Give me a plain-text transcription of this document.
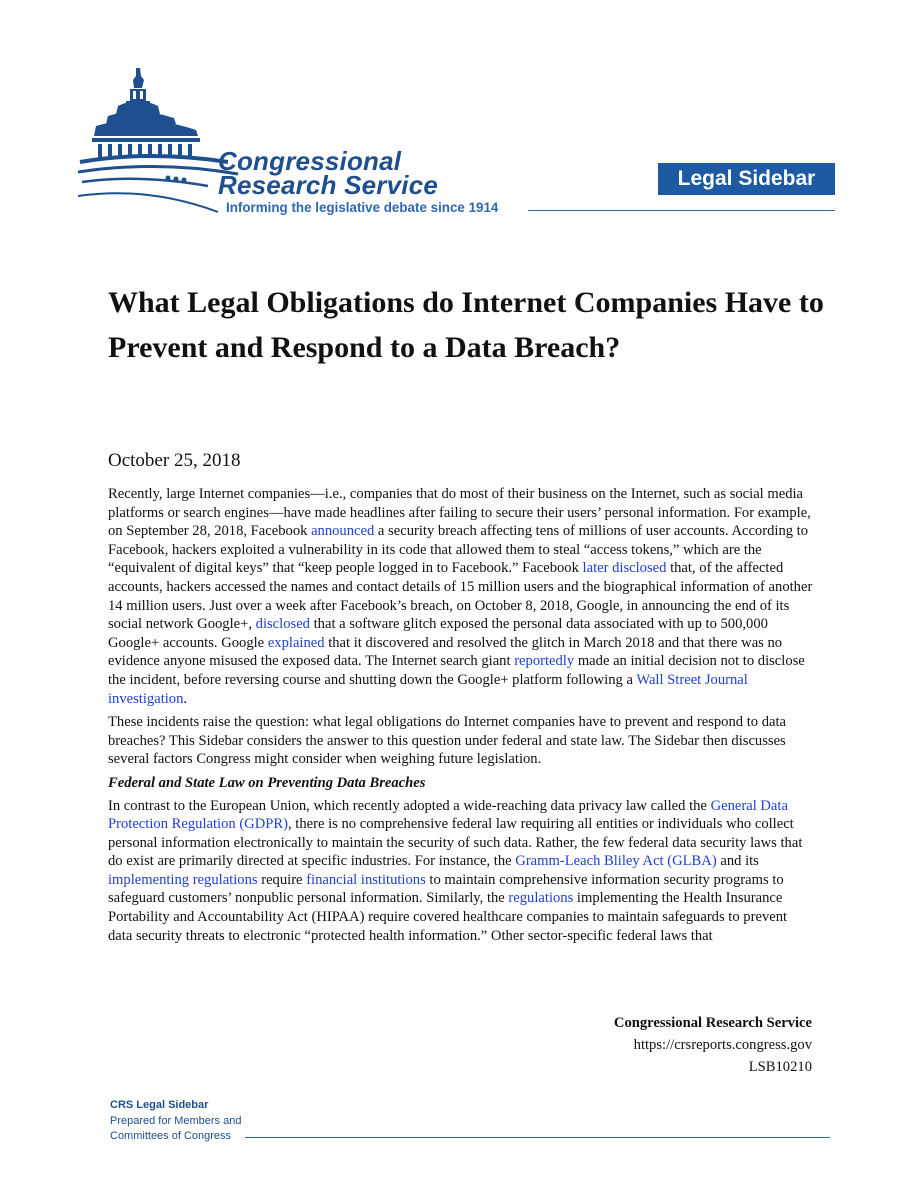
Congressional
Research Service
Informing the legislative debate since 1914
Legal Sidebar
What Legal Obligations do Internet Companies Have to Prevent and Respond to a Data Breach?
October 25, 2018

Recently, large Internet companies—i.e., companies that do most of their business on the Internet, such as social media platforms or search engines—have made headlines after failing to secure their users’ personal information. For example, on September 28, 2018, Facebook announced a security breach affecting tens of millions of user accounts. According to Facebook, hackers exploited a vulnerability in its code that allowed them to steal “access tokens,” which are the “equivalent of digital keys” that “keep people logged in to Facebook.” Facebook later disclosed that, of the affected accounts, hackers accessed the names and contact details of 15 million users and the biographical information of another 14 million users. Just over a week after Facebook’s breach, on October 8, 2018, Google, in announcing the end of its social network Google+, disclosed that a software glitch exposed the personal data associated with up to 500,000 Google+ accounts. Google explained that it discovered and resolved the glitch in March 2018 and that there was no evidence anyone misused the exposed data. The Internet search giant reportedly made an initial decision not to disclose the incident, before reversing course and shutting down the Google+ platform following a Wall Street Journal investigation.

These incidents raise the question: what legal obligations do Internet companies have to prevent and respond to data breaches? This Sidebar considers the answer to this question under federal and state law. The Sidebar then discusses several factors Congress might consider when weighing future legislation.

Federal and State Law on Preventing Data Breaches

In contrast to the European Union, which recently adopted a wide-reaching data privacy law called the General Data Protection Regulation (GDPR), there is no comprehensive federal law requiring all entities or individuals who collect personal information electronically to maintain the security of such data. Rather, the few federal data security laws that do exist are primarily directed at specific industries. For instance, the Gramm-Leach Bliley Act (GLBA) and its implementing regulations require financial institutions to maintain comprehensive information security programs to safeguard customers’ nonpublic personal information. Similarly, the regulations implementing the Health Insurance Portability and Accountability Act (HIPAA) require covered healthcare companies to maintain safeguards to prevent data security threats to electronic “protected health information.” Other sector-specific federal laws that

Congressional Research Service
https://crsreports.congress.gov
LSB10210
CRS Legal Sidebar
Prepared for Members and
Committees of Congress
